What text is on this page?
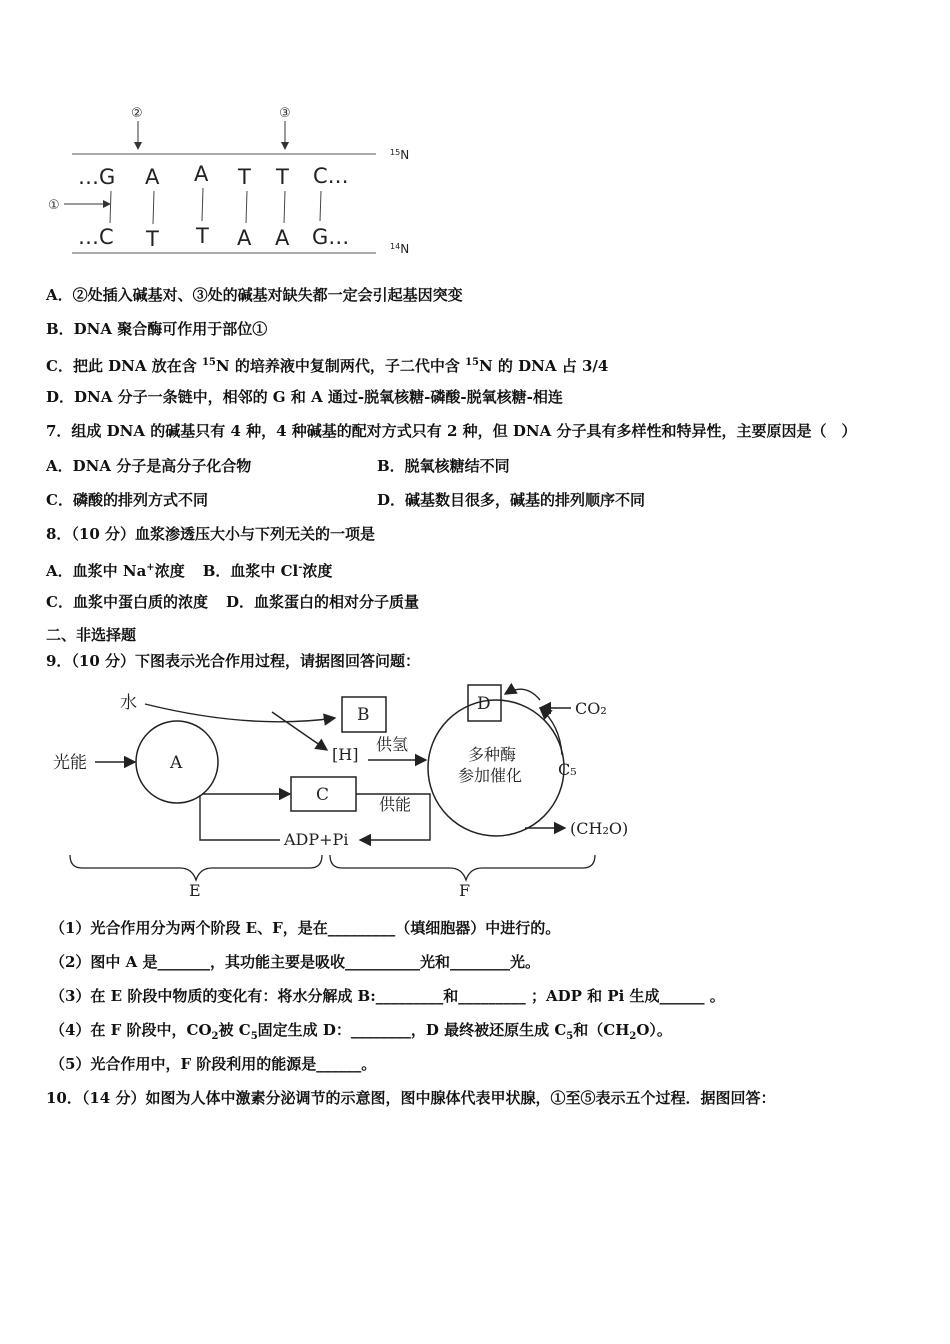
②	③
①
…G A A T T C…
…C T T A A G…
$^{15}$N
$^{14}$N
A．②处插入碱基对、③处的碱基对缺失都一定会引起基因突变
B．DNA 聚合酶可作用于部位①
C．把此 DNA 放在含 $^{15}$N 的培养液中复制两代，子二代中含 $^{15}$N 的 DNA 占 3/4
D．DNA 分子一条链中，相邻的 G 和 A 通过-脱氧核糖-磷酸-脱氧核糖-相连
7．组成 DNA 的碱基只有 4 种，4 种碱基的配对方式只有 2 种，但 DNA 分子具有多样性和特异性，主要原因是（　）
A．DNA 分子是高分子化合物	B．脱氧核糖结不同
C．磷酸的排列方式不同	D．碱基数目很多，碱基的排列顺序不同
8．（10 分）血浆渗透压大小与下列无关的一项是
A．血浆中 Na+浓度 B．血浆中 Cl-浓度
C．血浆中蛋白质的浓度 D．血浆蛋白的相对分子质量
二、非选择题
9．（10 分）下图表示光合作用过程，请据图回答问题：
水
光能	A
B
[H]
供氢
C	供能
ADP+Pi
多种酶
参加催化
D	CO₂
C₅
(CH₂O)
E	F
（1）光合作用分为两个阶段 E、F，是在_________（填细胞器）中进行的。
（2）图中 A 是_______，其功能主要是吸收__________光和________光。
（3）在 E 阶段中物质的变化有：将水分解成 B:_________和_________ ；ADP 和 Pi 生成______ 。
（4）在 F 阶段中，$CO_2$被 $C_5$固定生成 D：________，D 最终被还原生成 $C_5$和$(CH_2O)$。
（5）光合作用中，F 阶段利用的能源是______。
10．（14 分）如图为人体中激素分泌调节的示意图，图中腺体代表甲状腺，①至⑤表示五个过程．据图回答：
